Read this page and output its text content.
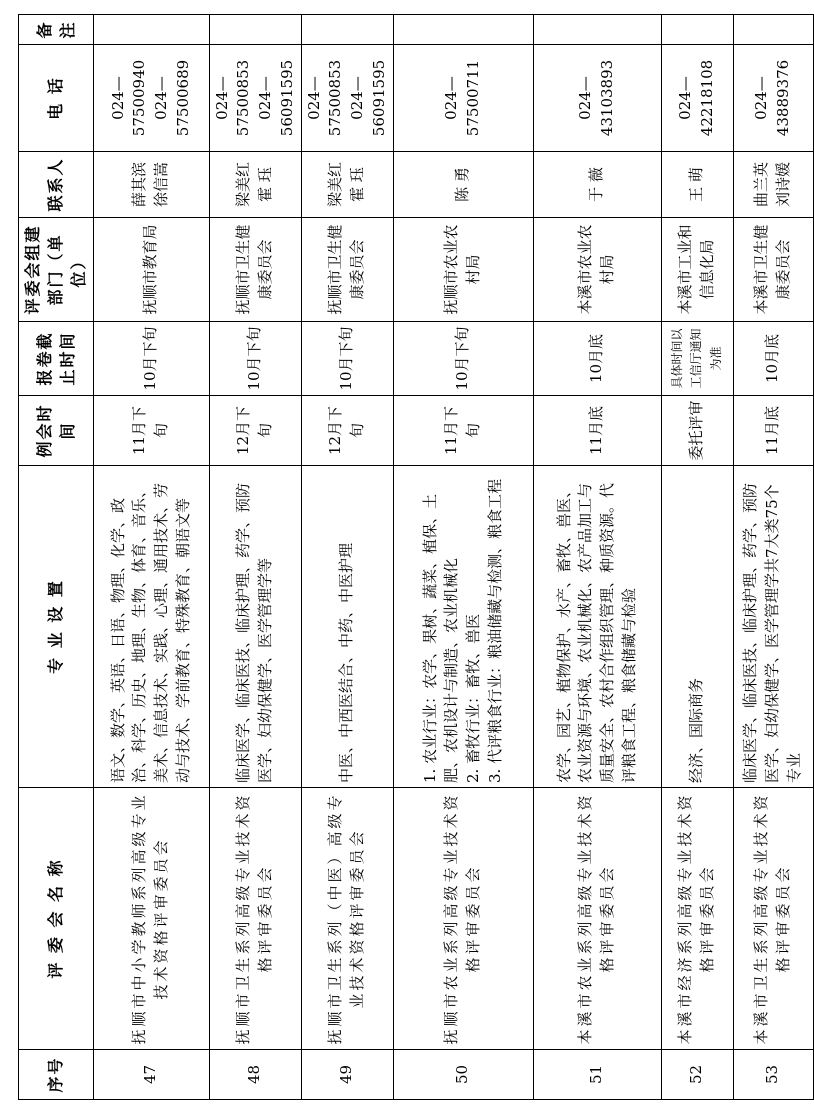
序号	评 委 会 名 称	专 业 设 置	例会时间	报卷截止时间	评委会组建部门（单位）	联系人	电 话	备注
47	抚顺市中小学教师系列高级专业技术资格评审委员会	语文、数学、英语、日语、物理、化学、政治、科学、历史、地理、生物、体育、音乐、美术、信息技术、实践、心理、通用技术、劳动与技术、学前教育、特殊教育、朝语文等	11月下旬	10月下旬	抚顺市教育局	薛其滨 徐信嵩	024—57500940 024—57500689	

48	抚顺市卫生系列高级专业技术资格评审委员会	临床医学、临床医技、临床护理、药学、预防医学、妇幼保健学、医学管理学等	12月下旬	10月下旬	抚顺市卫生健康委员会	梁美红 霍 珏	024—57500853 024—56091595	

49	抚顺市卫生系列（中医）高级专业技术资格评审委员会	中医、中西医结合、中药、中医护理	12月下旬	10月下旬	抚顺市卫生健康委员会	梁美红 霍 珏	024—57500853 024—56091595	

50	抚顺市农业系列高级专业技术资格评审委员会	1. 农业行业：农学、果树、蔬菜、植保、土肥、农机设计与制造、农业机械化 2. 畜牧行业：畜牧、兽医 3. 代评粮食行业：粮油储藏与检测、粮食工程	11月下旬	10月下旬	抚顺市农业农村局	陈 勇	024—57500711	

51	本溪市农业系列高级专业技术资格评审委员会	农学、园艺、植物保护、水产、畜牧、兽医、农业资源与环境、农业机械化、农产品加工与质量安全、农村合作组织管理、种质资源。代评粮食工程、粮食储藏与检验	11月底	10月底	本溪市农业农村局	于 薇	024—43103893	

52	本溪市经济系列高级专业技术资格评审委员会	经济、国际商务	委托评审	具体时间以工信厅通知为准	本溪市工业和信息化局	王 萌	024—42218108	

53	本溪市卫生系列高级专业技术资格评审委员会	临床医学、临床医技、临床护理、药学、预防医学、妇幼保健学、医学管理学共7大类75个专业	11月底	10月底	本溪市卫生健康委员会	曲兰英 刘诗媛	024—43889376	
